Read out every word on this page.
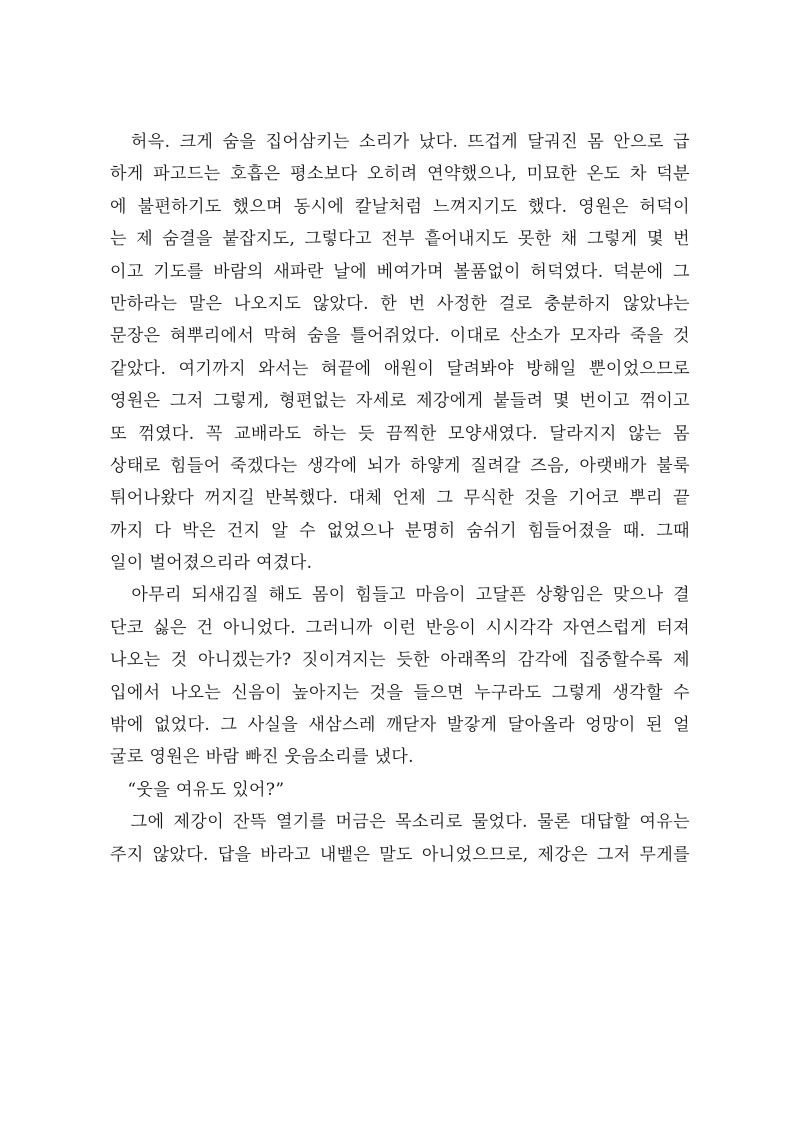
　허윽. 크게 숨을 집어삼키는 소리가 났다. 뜨겁게 달궈진 몸 안으로 급
하게 파고드는 호흡은 평소보다 오히려 연약했으나, 미묘한 온도 차 덕분
에 불편하기도 했으며 동시에 칼날처럼 느껴지기도 했다. 영원은 허덕이
는 제 숨결을 붙잡지도, 그렇다고 전부 흩어내지도 못한 채 그렇게 몇 번
이고 기도를 바람의 새파란 날에 베여가며 볼품없이 허덕였다. 덕분에 그
만하라는 말은 나오지도 않았다. 한 번 사정한 걸로 충분하지 않았냐는
문장은 혀뿌리에서 막혀 숨을 틀어쥐었다. 이대로 산소가 모자라 죽을 것
같았다. 여기까지 와서는 혀끝에 애원이 달려봐야 방해일 뿐이었으므로
영원은 그저 그렇게, 형편없는 자세로 제강에게 붙들려 몇 번이고 꺾이고
또 꺾였다. 꼭 교배라도 하는 듯 끔찍한 모양새였다. 달라지지 않는 몸
상태로 힘들어 죽겠다는 생각에 뇌가 하얗게 질려갈 즈음, 아랫배가 불룩
튀어나왔다 꺼지길 반복했다. 대체 언제 그 무식한 것을 기어코 뿌리 끝
까지 다 박은 건지 알 수 없었으나 분명히 숨쉬기 힘들어졌을 때. 그때
일이 벌어졌으리라 여겼다.
　아무리 되새김질 해도 몸이 힘들고 마음이 고달픈 상황임은 맞으나 결
단코 싫은 건 아니었다. 그러니까 이런 반응이 시시각각 자연스럽게 터져
나오는 것 아니겠는가? 짓이겨지는 듯한 아래쪽의 감각에 집중할수록 제
입에서 나오는 신음이 높아지는 것을 들으면 누구라도 그렇게 생각할 수
밖에 없었다. 그 사실을 새삼스레 깨닫자 발갛게 달아올라 엉망이 된 얼
굴로 영원은 바람 빠진 웃음소리를 냈다.
　“웃을 여유도 있어?”
　그에 제강이 잔뜩 열기를 머금은 목소리로 물었다. 물론 대답할 여유는
주지 않았다. 답을 바라고 내뱉은 말도 아니었으므로, 제강은 그저 무게를
